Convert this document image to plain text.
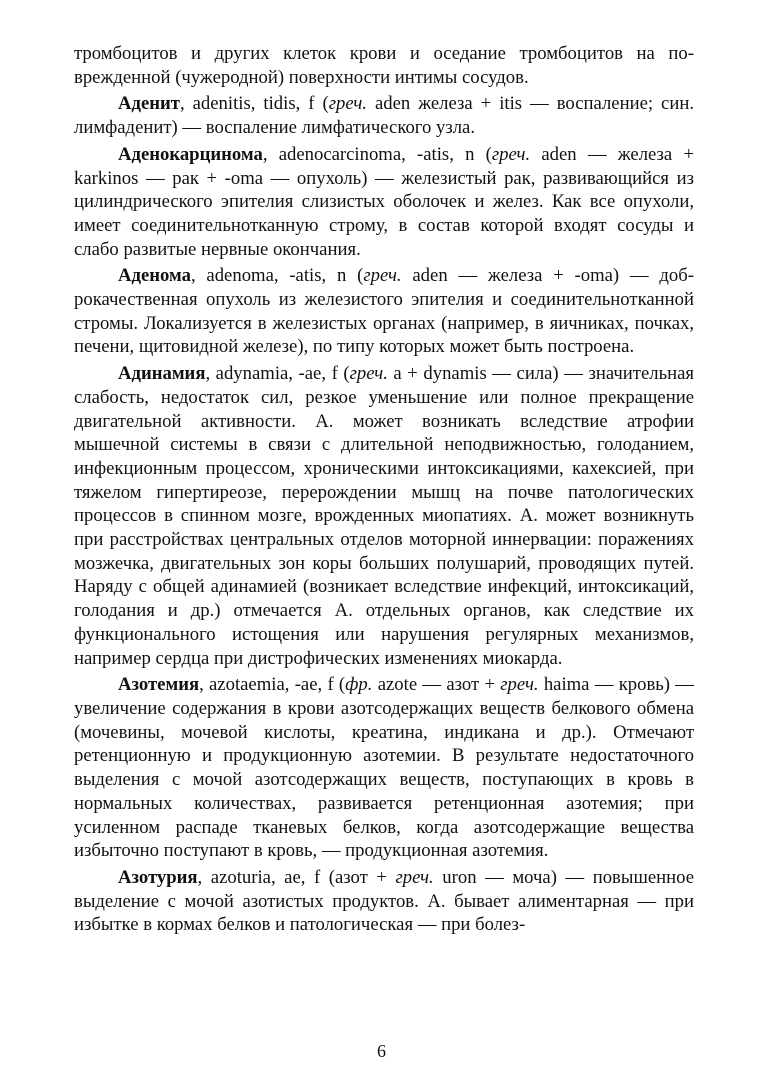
тромбоцитов и других клеток крови и оседание тромбоцитов на поврежденной (чужеродной) поверхности интимы сосудов.

Аденит, adenitis, tidis, f (греч. aden железа + itis — воспаление; син. лимфаденит) — воспаление лимфатического узла.

Аденокарцинома, adenocarcinoma, -atis, n (греч. aden — железа + karkinos — рак + -oma — опухоль) — железистый рак, развивающийся из цилиндрического эпителия слизистых оболочек и желез. Как все опухоли, имеет соединительнотканную строму, в состав которой входят сосуды и слабо развитые нервные окончания.

Аденома, adenoma, -atis, n (греч. aden — железа + -oma) — доброкачественная опухоль из железистого эпителия и соединительнотканной стромы. Локализуется в железистых органах (например, в яичниках, почках, печени, щитовидной железе), по типу которых может быть построена.

Адинамия, adynamia, -ae, f (греч. a + dynamis — сила) — значительная слабость, недостаток сил, резкое уменьшение или полное прекращение двигательной активности. А. может возникать вследствие атрофии мышечной системы в связи с длительной неподвижностью, голоданием, инфекционным процессом, хроническими интоксикациями, кахексией, при тяжелом гипертиреозе, перерождении мышц на почве патологических процессов в спинном мозге, врожденных миопатиях. А. может возникнуть при расстройствах центральных отделов моторной иннервации: поражениях мозжечка, двигательных зон коры больших полушарий, проводящих путей. Наряду с общей адинамией (возникает вследствие инфекций, интоксикаций, голодания и др.) отмечается А. отдельных органов, как следствие их функционального истощения или нарушения регулярных механизмов, например сердца при дистрофических изменениях миокарда.

Азотемия, azotaemia, -ae, f (фр. azote — азот + греч. haima — кровь) — увеличение содержания в крови азотсодержащих веществ белкового обмена (мочевины, мочевой кислоты, креатина, индикана и др.). Отмечают ретенционную и продукционную азотемии. В результате недостаточного выделения с мочой азотсодержащих веществ, поступающих в кровь в нормальных количествах, развивается ретенционная азотемия; при усиленном распаде тканевых белков, когда азотсодержащие вещества избыточно поступают в кровь, — продукционная азотемия.

Азотурия, azoturia, ae, f (азот + греч. uron — моча) — повышенное выделение с мочой азотистых продуктов. А. бывает алиментарная — при избытке в кормах белков и патологическая — при болез-

6
